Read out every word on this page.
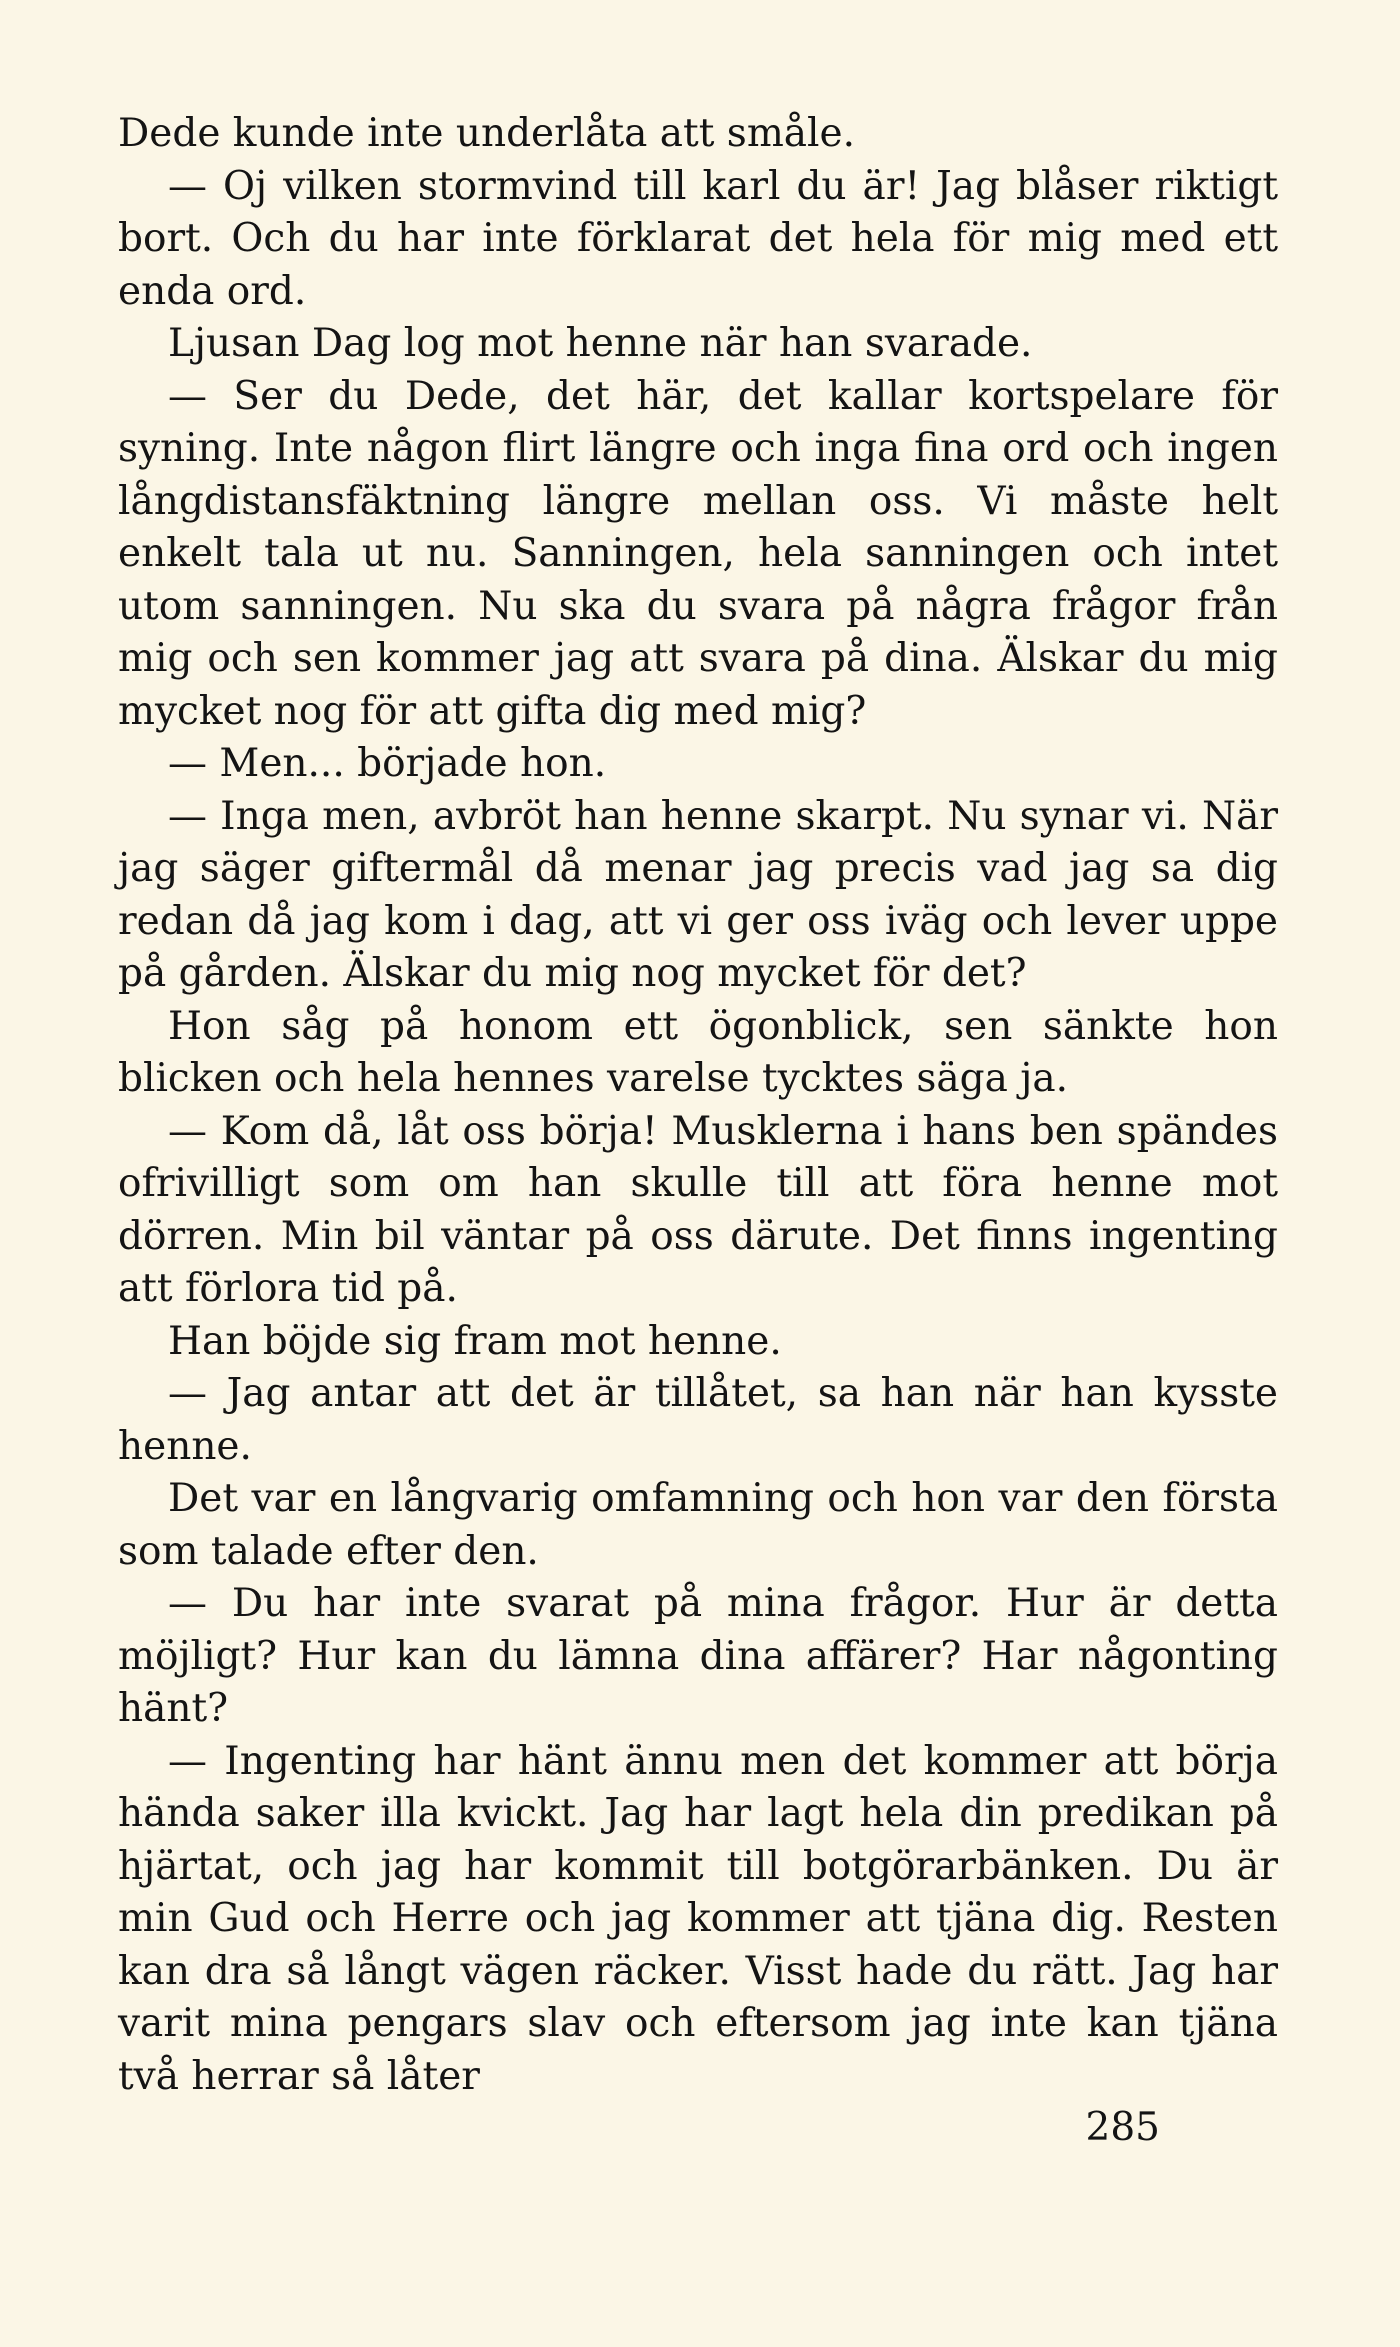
Dede kunde inte underlåta att småle.

— Oj vilken stormvind till karl du är! Jag blåser riktigt bort. Och du har inte förklarat det hela för mig med ett enda ord.

Ljusan Dag log mot henne när han svarade.

— Ser du Dede, det här, det kallar kortspelare för syning. Inte någon flirt längre och inga fina ord och ingen långdistansfäktning längre mellan oss. Vi måste helt enkelt tala ut nu. Sanningen, hela sanningen och intet utom sanningen. Nu ska du svara på några frågor från mig och sen kommer jag att svara på dina. Älskar du mig mycket nog för att gifta dig med mig?

— Men... började hon.

— Inga men, avbröt han henne skarpt. Nu synar vi. När jag säger giftermål då menar jag precis vad jag sa dig redan då jag kom i dag, att vi ger oss iväg och lever uppe på gården. Älskar du mig nog mycket för det?

Hon såg på honom ett ögonblick, sen sänkte hon blicken och hela hennes varelse tycktes säga ja.

— Kom då, låt oss börja! Musklerna i hans ben spändes ofrivilligt som om han skulle till att föra henne mot dörren. Min bil väntar på oss därute. Det finns ingenting att förlora tid på.

Han böjde sig fram mot henne.

— Jag antar att det är tillåtet, sa han när han kysste henne.

Det var en långvarig omfamning och hon var den första som talade efter den.

— Du har inte svarat på mina frågor. Hur är detta möjligt? Hur kan du lämna dina affärer? Har någonting hänt?

— Ingenting har hänt ännu men det kommer att börja hända saker illa kvickt. Jag har lagt hela din predikan på hjärtat, och jag har kommit till botgörarbänken. Du är min Gud och Herre och jag kommer att tjäna dig. Resten kan dra så långt vägen räcker. Visst hade du rätt. Jag har varit mina pengars slav och eftersom jag inte kan tjäna två herrar så låter

285
